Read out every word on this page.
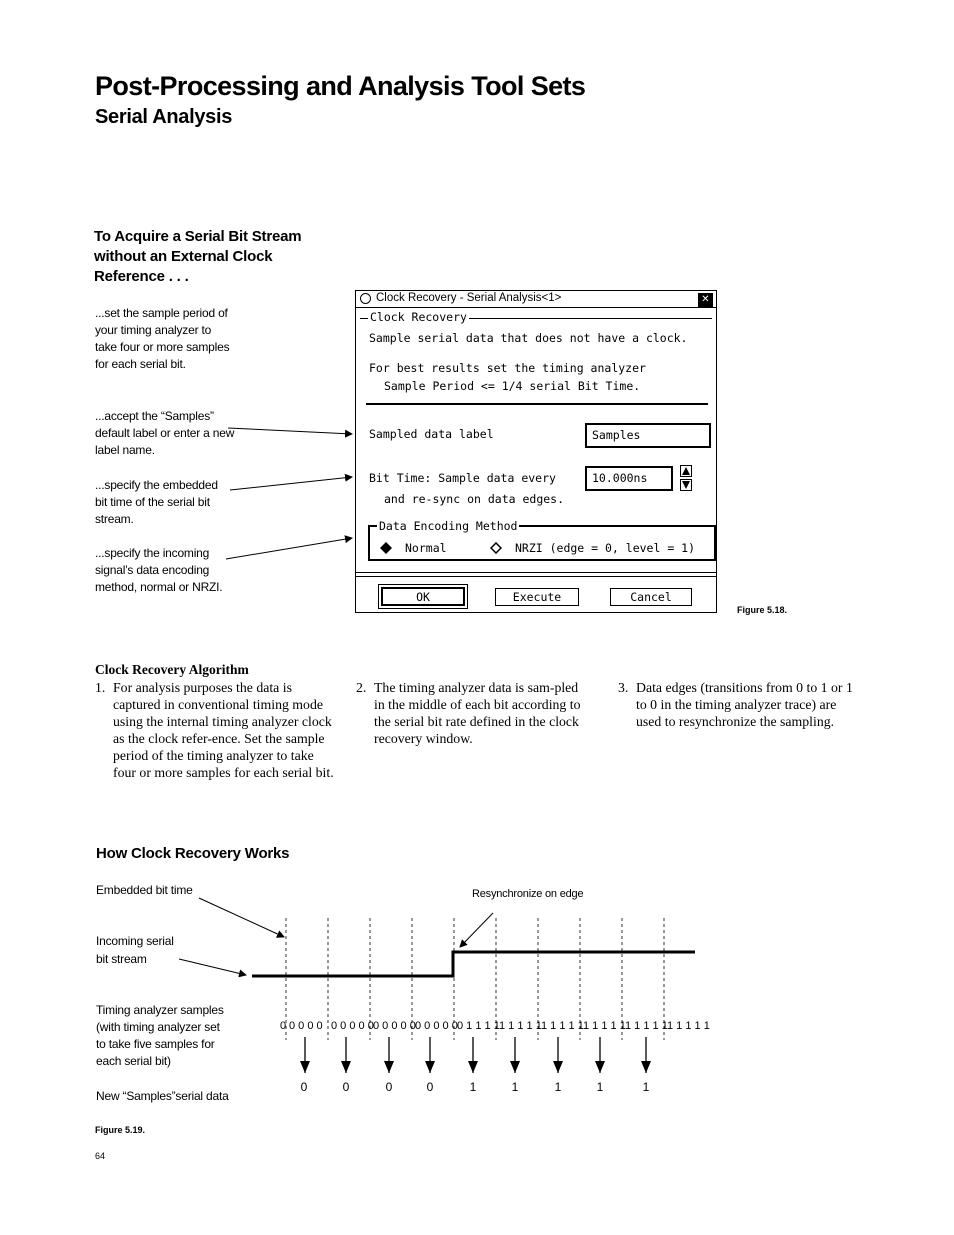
Post-Processing and Analysis Tool Sets
Serial Analysis
To Acquire a Serial Bit Stream without an External Clock Reference . . .
...set the sample period of your timing analyzer to take four or more samples for each serial bit.
...accept the “Samples” default label or enter a new label name.
...specify the embedded bit time of the serial bit stream.
...specify the incoming signal’s data encoding method, normal or NRZI.
Clock Recovery - Serial Analysis<1>	✕
Clock Recovery
Sample serial data that does not have a clock.
For best results set the timing analyzer
Sample Period <= 1/4 serial Bit Time.
Sampled data label	Samples
Bit Time: Sample data every
and re-sync on data edges.
10.000ns
Data Encoding Method
Normal	NRZI (edge = 0, level = 1)
OK	Execute	Cancel
Figure 5.18.
Clock Recovery Algorithm
1. For analysis purposes the data is captured in conventional timing mode using the internal timing analyzer clock as the clock refer-ence. Set the sample period of the timing analyzer to take four or more samples for each serial bit.
2. The timing analyzer data is sam-pled in the middle of each bit according to the serial bit rate defined in the clock recovery window.
3. Data edges (transitions from 0 to 1 or 1 to 0 in the timing analyzer trace) are used to resynchronize the sampling.
How Clock Recovery Works
Embedded bit time
Incoming serial
bit stream
Resynchronize on edge
Timing analyzer samples
(with timing analyzer set
to take five samples for
each serial bit)
New “Samples”serial data
0 0 0 0 0 0 0 0 0 0 0 0 0 0 0 0 0 0 0 0 0 1 1 1 1 1 1 1 1 1 1 1 1 1 1 1 1 1 1 1 1 1 1 1 1 1 1 1 1 1
0	0	0	0	1	1	1	1	1
Figure 5.19.
64
